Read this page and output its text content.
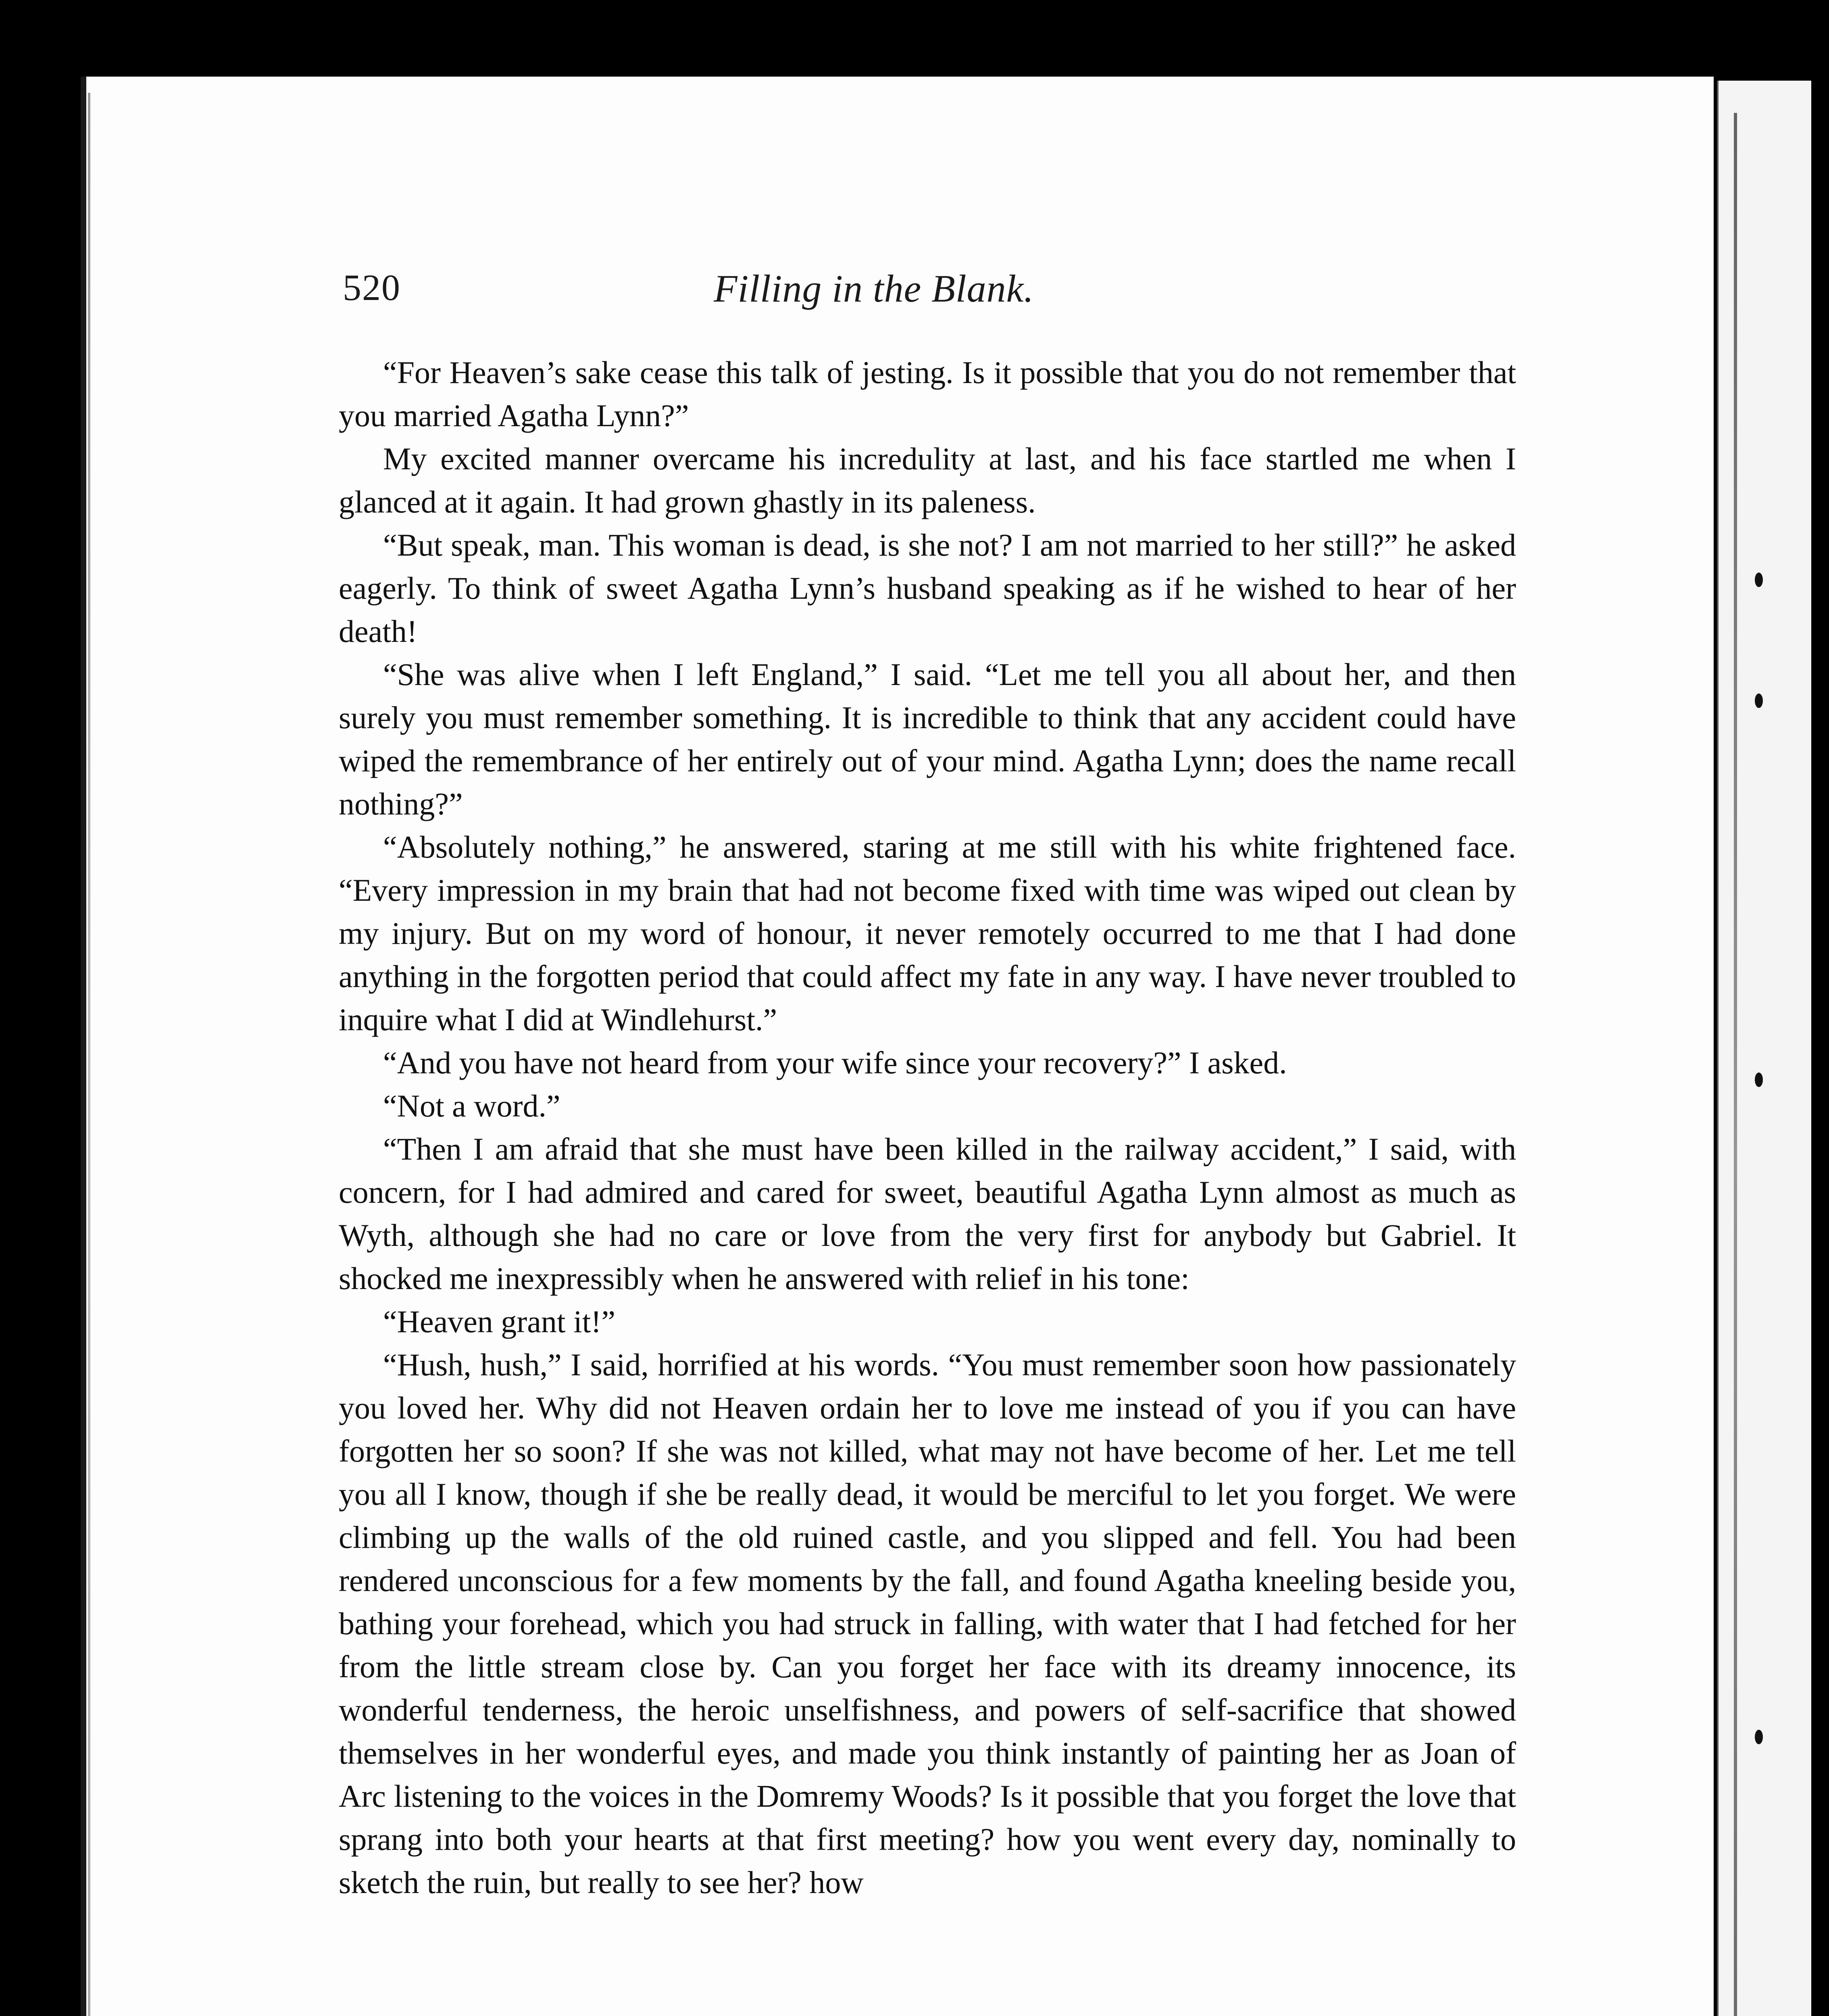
520	Filling in the Blank.

“For Heaven’s sake cease this talk of jesting. Is it possible that you do not remember that you married Agatha Lynn?”

My excited manner overcame his incredulity at last, and his face startled me when I glanced at it again. It had grown ghastly in its paleness.

“But speak, man. This woman is dead, is she not? I am not married to her still?” he asked eagerly. To think of sweet Agatha Lynn’s husband speaking as if he wished to hear of her death!

“She was alive when I left England,” I said. “Let me tell you all about her, and then surely you must remember something. It is incredible to think that any accident could have wiped the remembrance of her entirely out of your mind. Agatha Lynn; does the name recall nothing?”

“Absolutely nothing,” he answered, staring at me still with his white frightened face. “Every impression in my brain that had not become fixed with time was wiped out clean by my injury. But on my word of honour, it never remotely occurred to me that I had done anything in the forgotten period that could affect my fate in any way. I have never troubled to inquire what I did at Windlehurst.”

“And you have not heard from your wife since your recovery?” I asked.

“Not a word.”

“Then I am afraid that she must have been killed in the railway accident,” I said, with concern, for I had admired and cared for sweet, beautiful Agatha Lynn almost as much as Wyth, although she had no care or love from the very first for anybody but Gabriel. It shocked me inexpressibly when he answered with relief in his tone:

“Heaven grant it!”

“Hush, hush,” I said, horrified at his words. “You must remember soon how passionately you loved her. Why did not Heaven ordain her to love me instead of you if you can have forgotten her so soon? If she was not killed, what may not have become of her. Let me tell you all I know, though if she be really dead, it would be merciful to let you forget. We were climbing up the walls of the old ruined castle, and you slipped and fell. You had been rendered unconscious for a few moments by the fall, and found Agatha kneeling beside you, bathing your forehead, which you had struck in falling, with water that I had fetched for her from the little stream close by. Can you forget her face with its dreamy innocence, its wonderful tenderness, the heroic unselfishness, and powers of self-sacrifice that showed themselves in her wonderful eyes, and made you think instantly of painting her as Joan of Arc listening to the voices in the Domremy Woods? Is it possible that you forget the love that sprang into both your hearts at that first meeting? how you went every day, nominally to sketch the ruin, but really to see her? how
